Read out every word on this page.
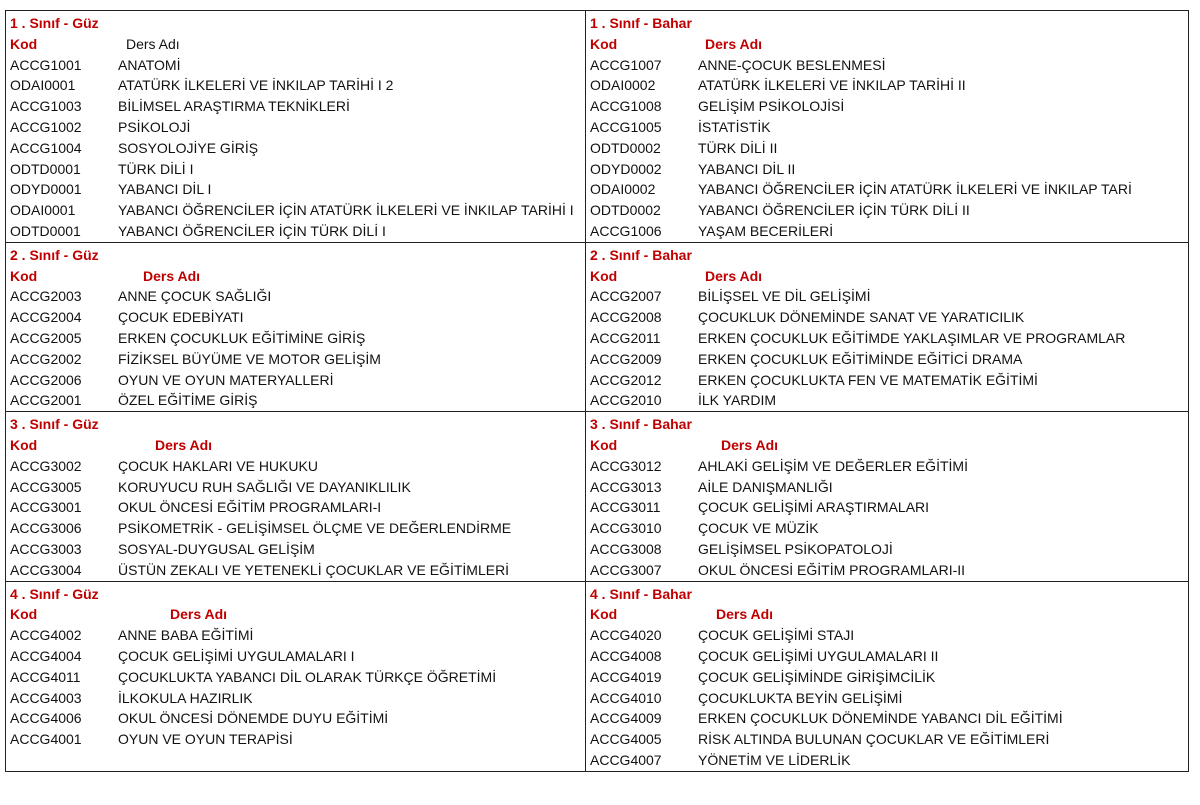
1 . Sınıf - Güz
Kod	Ders Adı
ACCG1001	ANATOMİ
ODAI0001	ATATÜRK İLKELERİ VE İNKILAP TARİHİ I 2
ACCG1003	BİLİMSEL ARAŞTIRMA TEKNİKLERİ
ACCG1002	PSİKOLOJİ
ACCG1004	SOSYOLOJİYE GİRİŞ
ODTD0001	TÜRK DİLİ I
ODYD0001	YABANCI DİL I
ODAI0001	YABANCI ÖĞRENCİLER İÇİN ATATÜRK İLKELERİ VE İNKILAP TARİHİ I
ODTD0001	YABANCI ÖĞRENCİLER İÇİN TÜRK DİLİ I
1 . Sınıf - Bahar
Kod	Ders Adı
ACCG1007	ANNE-ÇOCUK BESLENMESİ
ODAI0002	ATATÜRK İLKELERİ VE İNKILAP TARİHİ II
ACCG1008	GELİŞİM PSİKOLOJİSİ
ACCG1005	İSTATİSTİK
ODTD0002	TÜRK DİLİ II
ODYD0002	YABANCI DİL II
ODAI0002	YABANCI ÖĞRENCİLER İÇİN ATATÜRK İLKELERİ VE İNKILAP TARİ
ODTD0002	YABANCI ÖĞRENCİLER İÇİN TÜRK DİLİ II
ACCG1006	YAŞAM BECERİLERİ
2 . Sınıf - Güz
Kod	Ders Adı
ACCG2003	ANNE ÇOCUK SAĞLIĞI
ACCG2004	ÇOCUK EDEBİYATI
ACCG2005	ERKEN ÇOCUKLUK EĞİTİMİNE GİRİŞ
ACCG2002	FİZİKSEL BÜYÜME VE MOTOR GELİŞİM
ACCG2006	OYUN VE OYUN MATERYALLERİ
ACCG2001	ÖZEL EĞİTİME GİRİŞ
2 . Sınıf - Bahar
Kod	Ders Adı
ACCG2007	BİLİŞSEL VE DİL GELİŞİMİ
ACCG2008	ÇOCUKLUK DÖNEMİNDE SANAT VE YARATICILIK
ACCG2011	ERKEN ÇOCUKLUK EĞİTİMDE YAKLAŞIMLAR VE PROGRAMLAR
ACCG2009	ERKEN ÇOCUKLUK EĞİTİMİNDE EĞİTİCİ DRAMA
ACCG2012	ERKEN ÇOCUKLUKTA FEN VE MATEMATİK EĞİTİMİ
ACCG2010	İLK YARDIM
3 . Sınıf - Güz
Kod	Ders Adı
ACCG3002	ÇOCUK HAKLARI VE HUKUKU
ACCG3005	KORUYUCU RUH SAĞLIĞI VE DAYANIKLILIK
ACCG3001	OKUL ÖNCESİ EĞİTİM PROGRAMLARI-I
ACCG3006	PSİKOMETRİK - GELİŞİMSEL ÖLÇME VE DEĞERLENDİRME
ACCG3003	SOSYAL-DUYGUSAL GELİŞİM
ACCG3004	ÜSTÜN ZEKALI VE YETENEKLİ ÇOCUKLAR VE EĞİTİMLERİ
3 . Sınıf - Bahar
Kod	Ders Adı
ACCG3012	AHLAKİ GELİŞİM VE DEĞERLER EĞİTİMİ
ACCG3013	AİLE DANIŞMANLIĞI
ACCG3011	ÇOCUK GELİŞİMİ ARAŞTIRMALARI
ACCG3010	ÇOCUK VE MÜZİK
ACCG3008	GELİŞİMSEL PSİKOPATOLOJİ
ACCG3007	OKUL ÖNCESİ EĞİTİM PROGRAMLARI-II
4 . Sınıf - Güz
Kod	Ders Adı
ACCG4002	ANNE BABA EĞİTİMİ
ACCG4004	ÇOCUK GELİŞİMİ UYGULAMALARI I
ACCG4011	ÇOCUKLUKTA YABANCI DİL OLARAK TÜRKÇE ÖĞRETİMİ
ACCG4003	İLKOKULA HAZIRLIK
ACCG4006	OKUL ÖNCESİ DÖNEMDE DUYU EĞİTİMİ
ACCG4001	OYUN VE OYUN TERAPİSİ
4 . Sınıf - Bahar
Kod	Ders Adı
ACCG4020	ÇOCUK GELİŞİMİ STAJI
ACCG4008	ÇOCUK GELİŞİMİ UYGULAMALARI II
ACCG4019	ÇOCUK GELİŞİMİNDE GİRİŞİMCİLİK
ACCG4010	ÇOCUKLUKTA BEYİN GELİŞİMİ
ACCG4009	ERKEN ÇOCUKLUK DÖNEMİNDE YABANCI DİL EĞİTİMİ
ACCG4005	RİSK ALTINDA BULUNAN ÇOCUKLAR VE EĞİTİMLERİ
ACCG4007	YÖNETİM VE LİDERLİK
